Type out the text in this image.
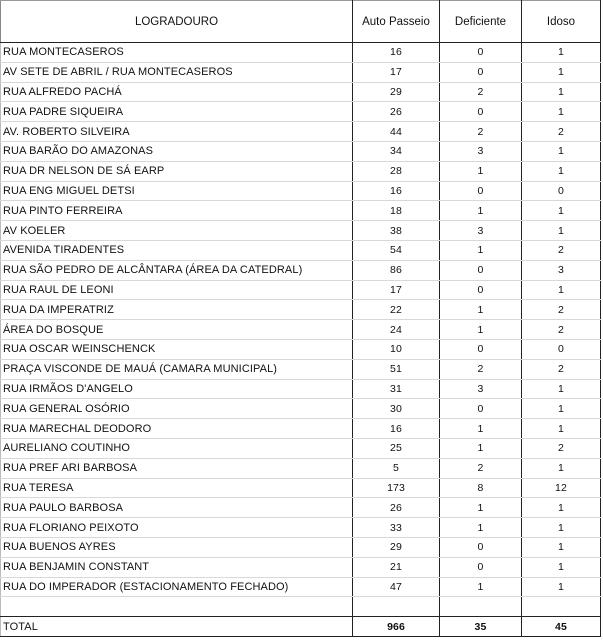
LOGRADOURO	Auto Passeio	Deficiente	Idoso
RUA MONTECASEROS	16	0	1
AV SETE DE ABRIL / RUA MONTECASEROS	17	0	1
RUA ALFREDO PACHÁ	29	2	1
RUA PADRE SIQUEIRA	26	0	1
AV. ROBERTO SILVEIRA	44	2	2
RUA BARÃO DO AMAZONAS	34	3	1
RUA DR NELSON DE SÁ EARP	28	1	1
RUA ENG MIGUEL DETSI	16	0	0
RUA PINTO FERREIRA	18	1	1
AV KOELER	38	3	1
AVENIDA TIRADENTES	54	1	2
RUA SÃO PEDRO DE ALCÂNTARA (ÁREA DA CATEDRAL)	86	0	3
RUA RAUL DE LEONI	17	0	1
RUA DA IMPERATRIZ	22	1	2
ÁREA DO BOSQUE	24	1	2
RUA OSCAR WEINSCHENCK	10	0	0
PRAÇA VISCONDE DE MAUÁ (CAMARA MUNICIPAL)	51	2	2
RUA IRMÃOS D'ANGELO	31	3	1
RUA GENERAL OSÓRIO	30	0	1
RUA MARECHAL DEODORO	16	1	1
AURELIANO COUTINHO	25	1	2
RUA PREF ARI BARBOSA	5	2	1
RUA TERESA	173	8	12
RUA PAULO BARBOSA	26	1	1
RUA FLORIANO PEIXOTO	33	1	1
RUA BUENOS AYRES	29	0	1
RUA BENJAMIN CONSTANT	21	0	1
RUA DO IMPERADOR (ESTACIONAMENTO FECHADO)	47	1	1

TOTAL	966	35	45
